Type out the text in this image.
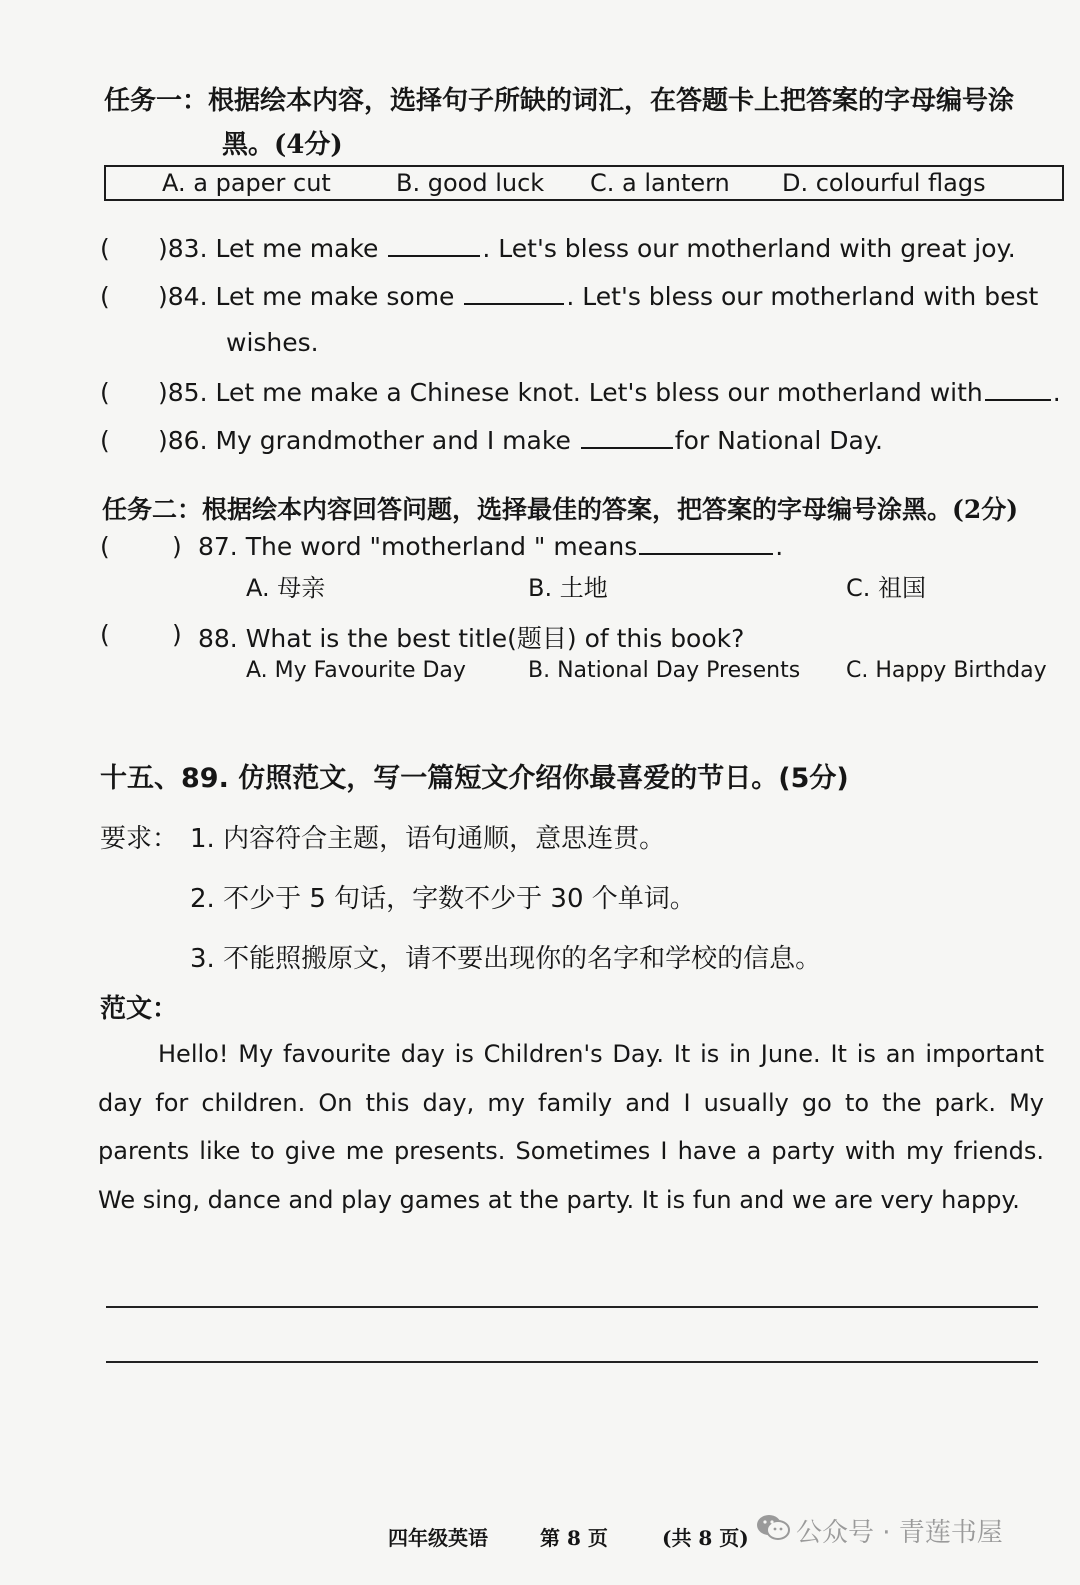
任务一：根据绘本内容，选择句子所缺的词汇，在答题卡上把答案的字母编号涂
黑。(4分)
A. a paper cut	B. good luck C. a lantern D. colourful flags
( )83. Let me make	. Let's bless our motherland with great joy.
( )84. Let me make some	. Let's bless our motherland with best
wishes.
( )85. Let me make a Chinese knot. Let's bless our motherland with	.
( )86. My grandmother and I make	for National Day.
任务二：根据绘本内容回答问题，选择最佳的答案，把答案的字母编号涂黑。(2分)
( ) 87. The word "motherland " means	.
A. 母亲	B. 土地	C. 祖国
( ) 88. What is the best title(题目) of this book?
A. My Favourite Day	B. National Day Presents C. Happy Birthday
十五、89. 仿照范文，写一篇短文介绍你最喜爱的节日。(5分)
要求： 1. 内容符合主题，语句通顺，意思连贯。
2. 不少于 5 句话，字数不少于 30 个单词。
3. 不能照搬原文，请不要出现你的名字和学校的信息。
范文：
Hello! My favourite day is Children's Day. It is in June. It is an important day for children. On this day, my family and I usually go to the park. My parents like to give me presents. Sometimes I have a party with my friends. We sing, dance and play games at the party. It is fun and we are very happy.
四年级英语	第 8 页	(共 8 页) 公众号 · 青莲书屋
